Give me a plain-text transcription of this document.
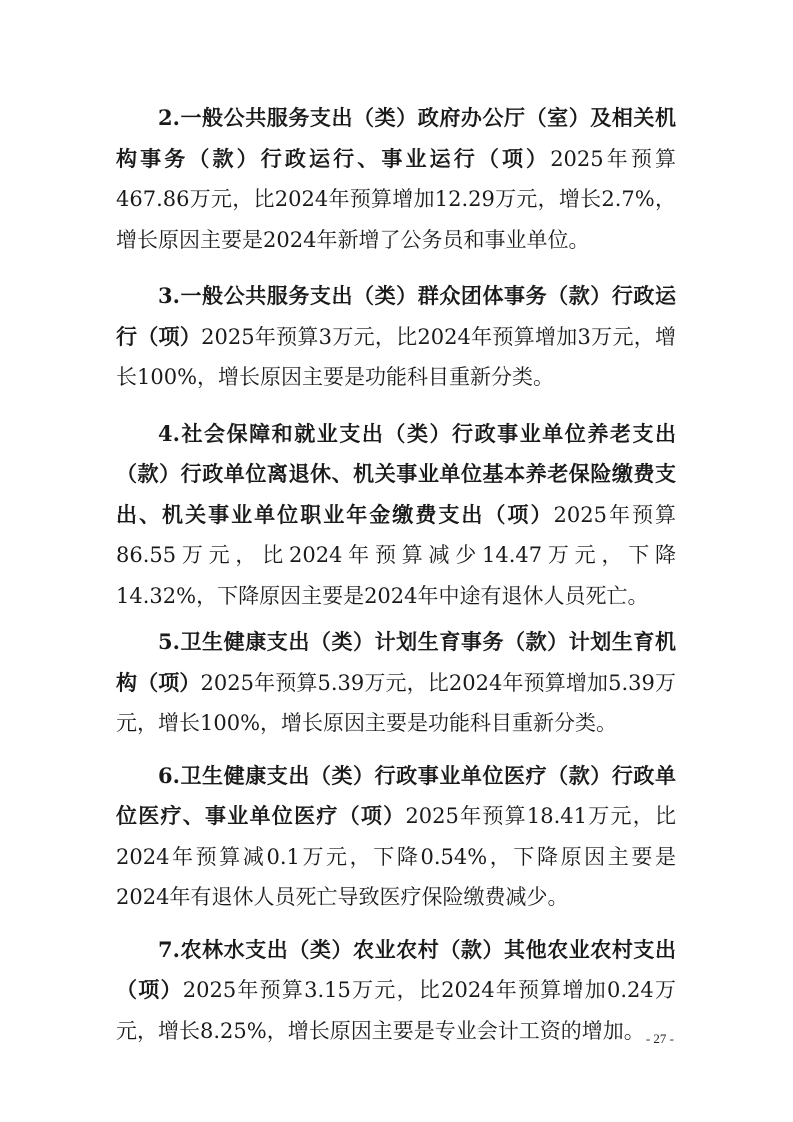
2.一般公共服务支出（类）政府办公厅（室）及相关机构事务（款）行政运行、事业运行（项）2025年预算467.86万元，比2024年预算增加12.29万元，增长2.7%，增长原因主要是2024年新增了公务员和事业单位。

3.一般公共服务支出（类）群众团体事务（款）行政运行（项）2025年预算3万元，比2024年预算增加3万元，增长100%，增长原因主要是功能科目重新分类。

4.社会保障和就业支出（类）行政事业单位养老支出（款）行政单位离退休、机关事业单位基本养老保险缴费支出、机关事业单位职业年金缴费支出（项）2025年预算86.55万元，比2024年预算减少14.47万元，下降14.32%，下降原因主要是2024年中途有退休人员死亡。

5.卫生健康支出（类）计划生育事务（款）计划生育机构（项）2025年预算5.39万元，比2024年预算增加5.39万元，增长100%，增长原因主要是功能科目重新分类。

6.卫生健康支出（类）行政事业单位医疗（款）行政单位医疗、事业单位医疗（项）2025年预算18.41万元，比2024年预算减0.1万元，下降0.54%，下降原因主要是2024年有退休人员死亡导致医疗保险缴费减少。

7.农林水支出（类）农业农村（款）其他农业农村支出（项）2025年预算3.15万元，比2024年预算增加0.24万元，增长8.25%，增长原因主要是专业会计工资的增加。 - 27 -
